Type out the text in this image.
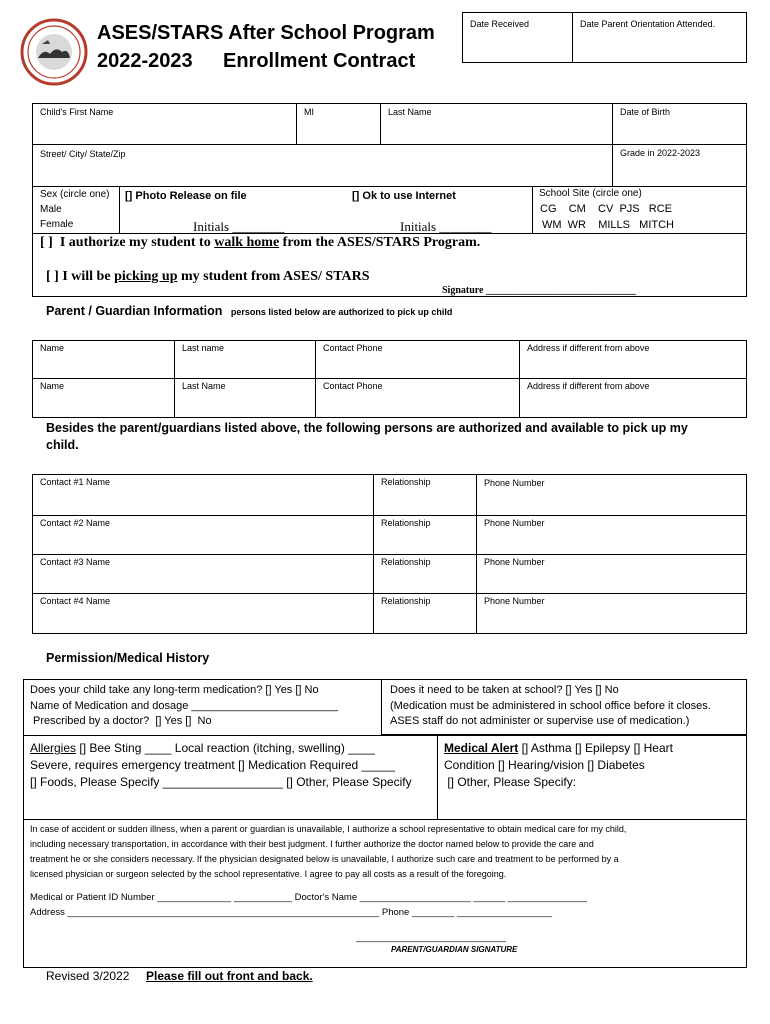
ASES/STARS After School Program
2022-2023 Enrollment Contract
Date Received	Date Parent Orientation Attended.
Child's First Name	MI	Last Name	Date of Birth
Street/ City/ State/Zip	Grade in 2022-2023
Sex (circle one)
Male
Female
[] Photo Release on file	[] Ok to use Internet
Initials ________	Initials ________
School Site (circle one)
CG    CM    CV  PJS   RCE
WM  WR    MILLS   MITCH
[ ]  I authorize my student to walk home from the ASES/STARS Program.
[ ] I will be picking up my student from ASES/ STARS
Signature ______________________________
Parent / Guardian Information persons listed below are authorized to pick up child
Name	Last name	Contact Phone	Address if different from above
Name	Last Name	Contact Phone	Address if different from above
Besides the parent/guardians listed above, the following persons are authorized and available to pick up my
child.
Contact #1 Name	Relationship	Phone Number
Contact #2 Name	Relationship	Phone Number
Contact #3 Name	Relationship	Phone Number
Contact #4 Name	Relationship	Phone Number
Permission/Medical History
Does your child take any long-term medication? [] Yes [] No
Name of Medication and dosage ________________________
Prescribed by a doctor?  [] Yes []  No
Does it need to be taken at school? [] Yes [] No
(Medication must be administered in school office before it closes.
ASES staff do not administer or supervise use of medication.)
Allergies [] Bee Sting ____ Local reaction (itching, swelling) ____
Severe, requires emergency treatment [] Medication Required _____
[] Foods, Please Specify __________________ [] Other, Please Specify
Medical Alert [] Asthma [] Epilepsy [] Heart
Condition [] Hearing/vision [] Diabetes
[] Other, Please Specify:
In case of accident or sudden illness, when a parent or guardian is unavailable, I authorize a school representative to obtain medical care for my child,
including necessary transportation, in accordance with their best judgment. I further authorize the doctor named below to provide the care and
treatment he or she considers necessary. If the physician designated below is unavailable, I authorize such care and treatment to be performed by a
licensed physician or surgeon selected by the school representative. I agree to pay all costs as a result of the foregoing.
Medical or Patient ID Number ______________ ___________ Doctor's Name _____________________ ______ _______________
Address ___________________________________________________________ Phone ________ __________________
______________________________
PARENT/GUARDIAN SIGNATURE
Revised 3/2022 Please fill out front and back.
